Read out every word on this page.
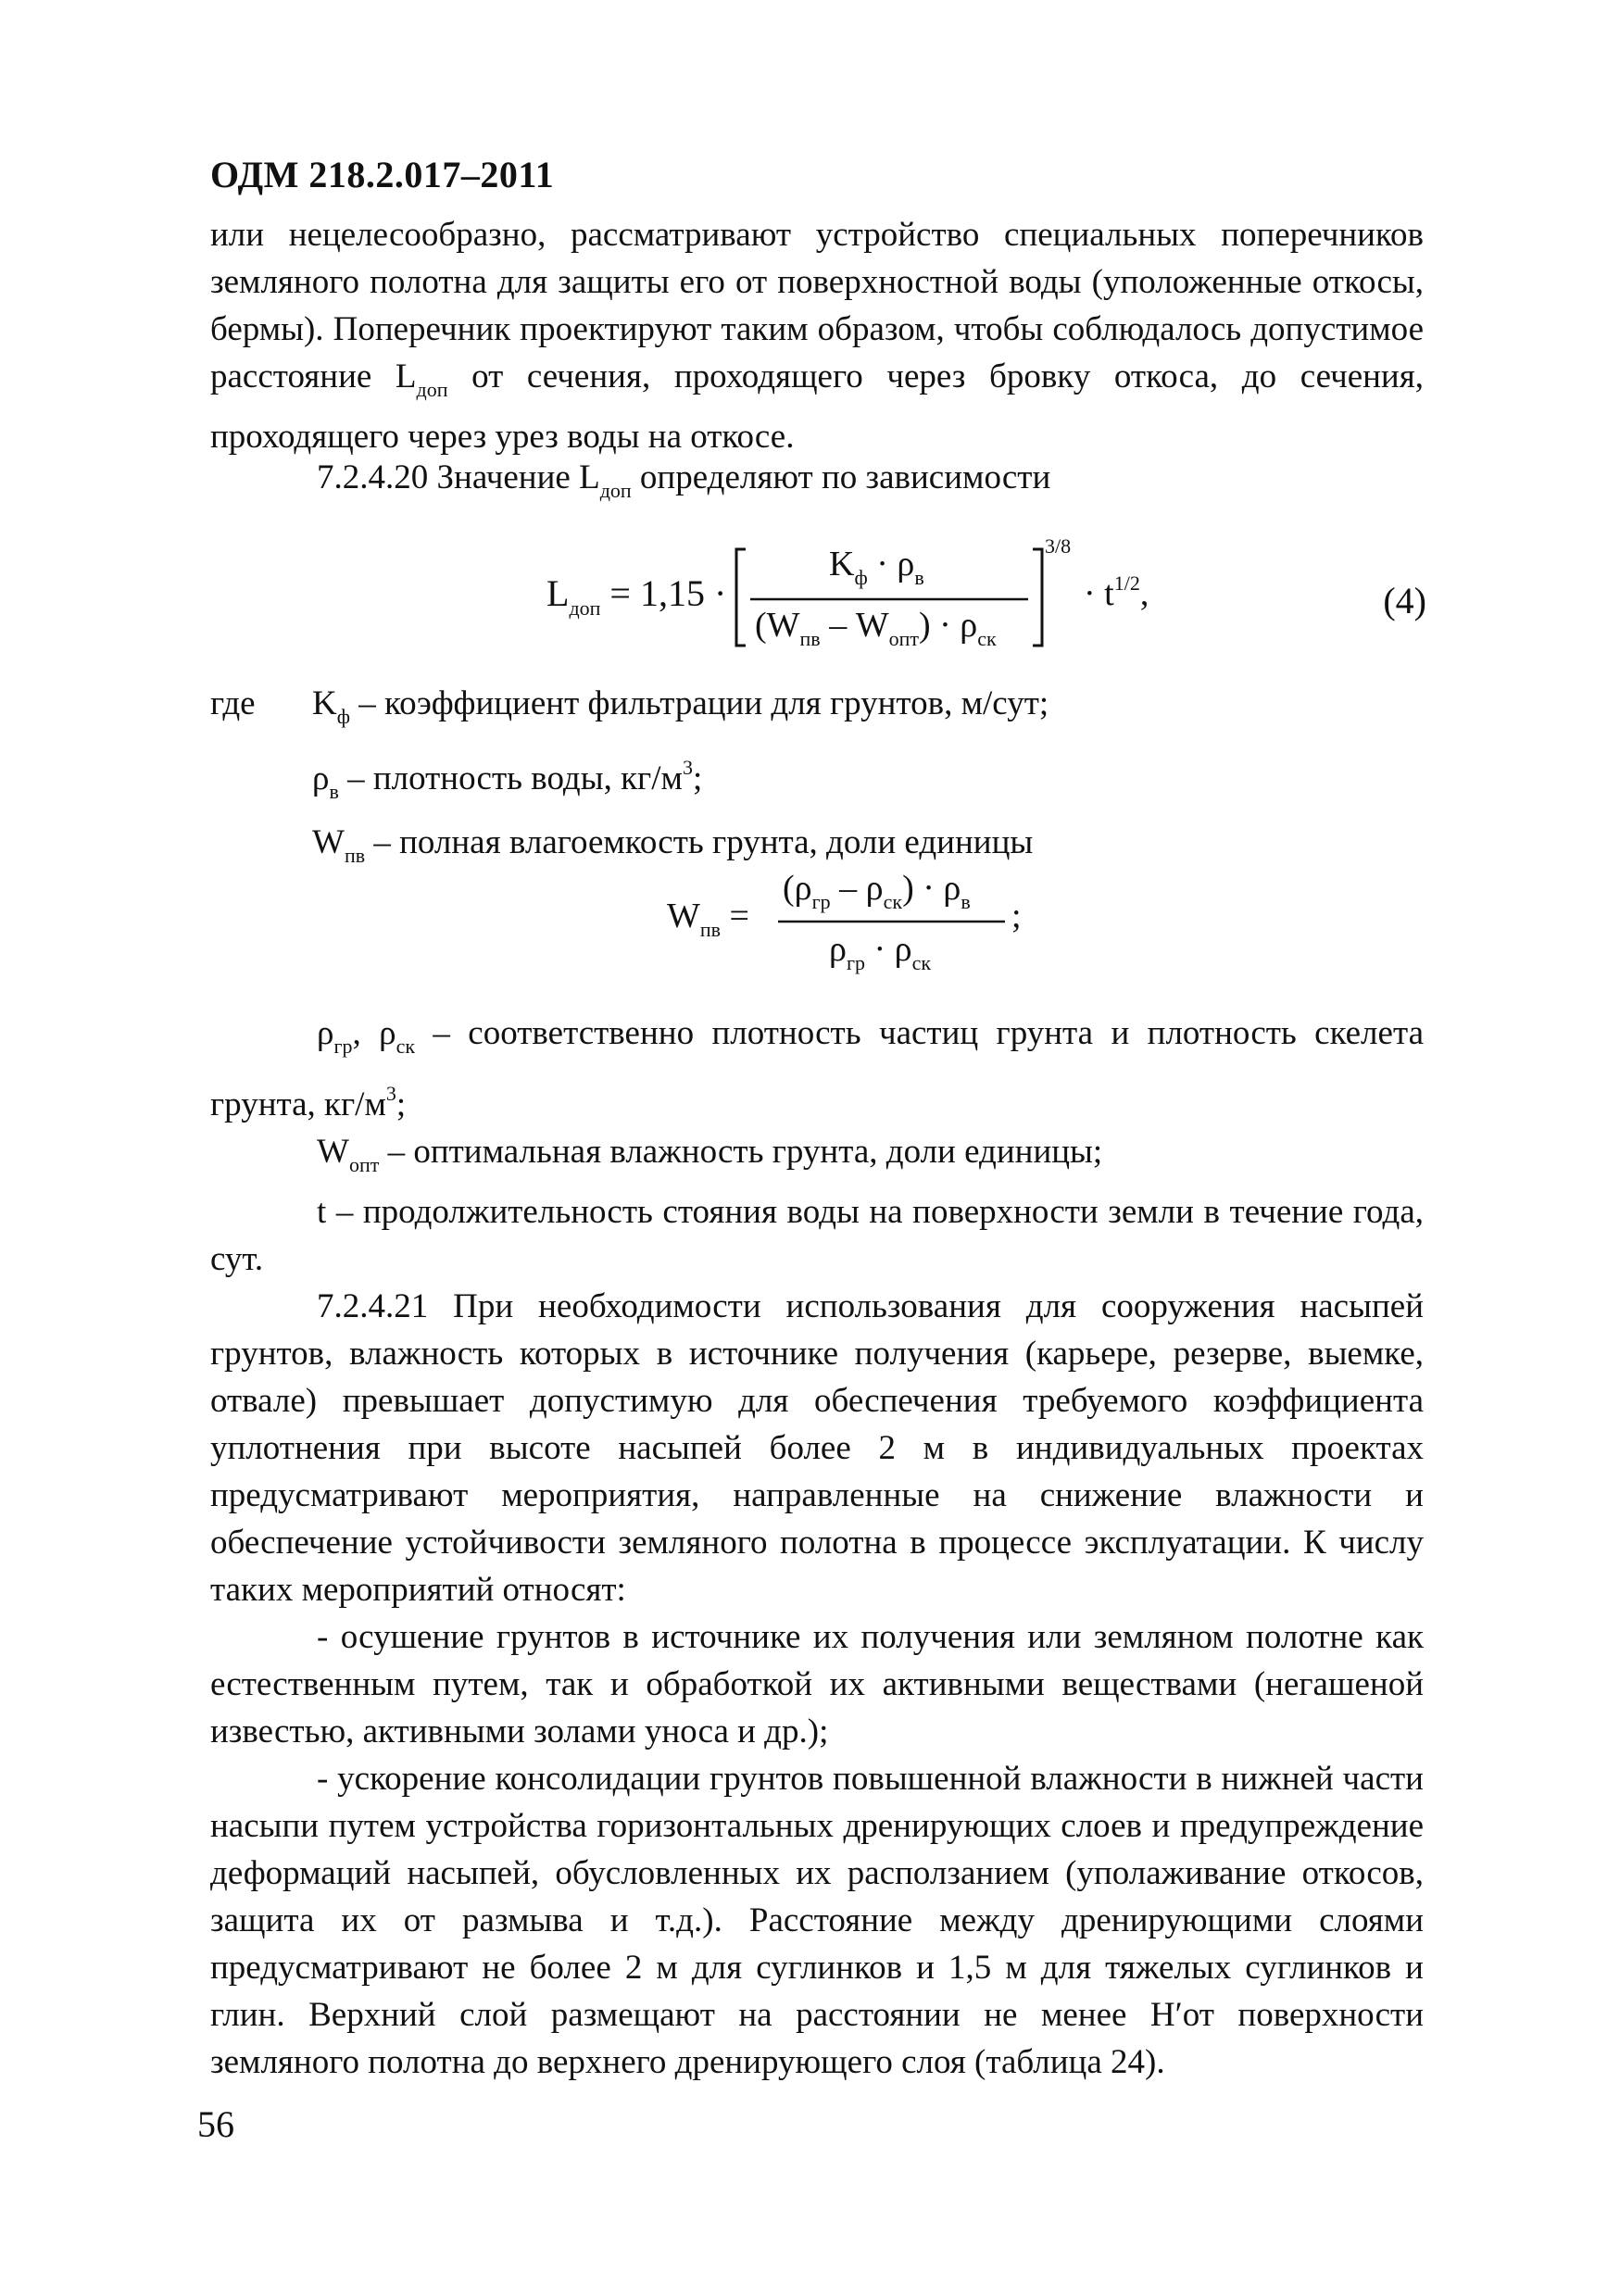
ОДМ 218.2.017–2011

или нецелесообразно, рассматривают устройство специальных поперечников земляного полотна для защиты его от поверхностной воды (уположенные откосы, бермы). Поперечник проектируют таким образом, чтобы соблюдалось допустимое расстояние $L_{доп}$ от сечения, проходящего через бровку откоса, до сечения, проходящего через урез воды на откосе.

7.2.4.20 Значение $L_{доп}$ определяют по зависимости

$L_{доп} = 1,15$ ·
$K_ф \cdot \rho_в$
$(W_{пв} - W_{опт}) \cdot \rho_{ск}$
3/8
· $t^{1/2}$,	(4)
где $K_ф$ – коэффициент фильтрации для грунтов, м/сут;
$\rho_в$ – плотность воды, $кг/м^3$;
$W_{пв}$ – полная влагоемкость грунта, доли единицы
$W_{пв}$ =
$(\rho_{гр} - \rho_{ск}) \cdot \rho_в$
$\rho_{гр} \cdot \rho_{ск}$
;

$\rho_{гр}$, $\rho_{ск}$ – соответственно плотность частиц грунта и плотность скелета грунта, $кг/м^3$;

$W_{опт}$ – оптимальная влажность грунта, доли единицы;

t – продолжительность стояния воды на поверхности земли в течение года, сут.

7.2.4.21 При необходимости использования для сооружения насыпей грунтов, влажность которых в источнике получения (карьере, резерве, выемке, отвале) превышает допустимую для обеспечения требуемого коэффициента уплотнения при высоте насыпей более 2 м в индивидуальных проектах предусматривают мероприятия, направленные на снижение влажности и обеспечение устойчивости земляного полотна в процессе эксплуатации. К числу таких мероприятий относят:

- осушение грунтов в источнике их получения или земляном полотне как естественным путем, так и обработкой их активными веществами (негашеной известью, активными золами уноса и др.);

- ускорение консолидации грунтов повышенной влажности в нижней части насыпи путем устройства горизонтальных дренирующих слоев и предупреждение деформаций насыпей, обусловленных их расползанием (уполаживание откосов, защита их от размыва и т.д.). Расстояние между дренирующими слоями предусматривают не более 2 м для суглинков и 1,5 м для тяжелых суглинков и глин. Верхний слой размещают на расстоянии не менее H′от поверхности земляного полотна до верхнего дренирующего слоя (таблица 24).

56
